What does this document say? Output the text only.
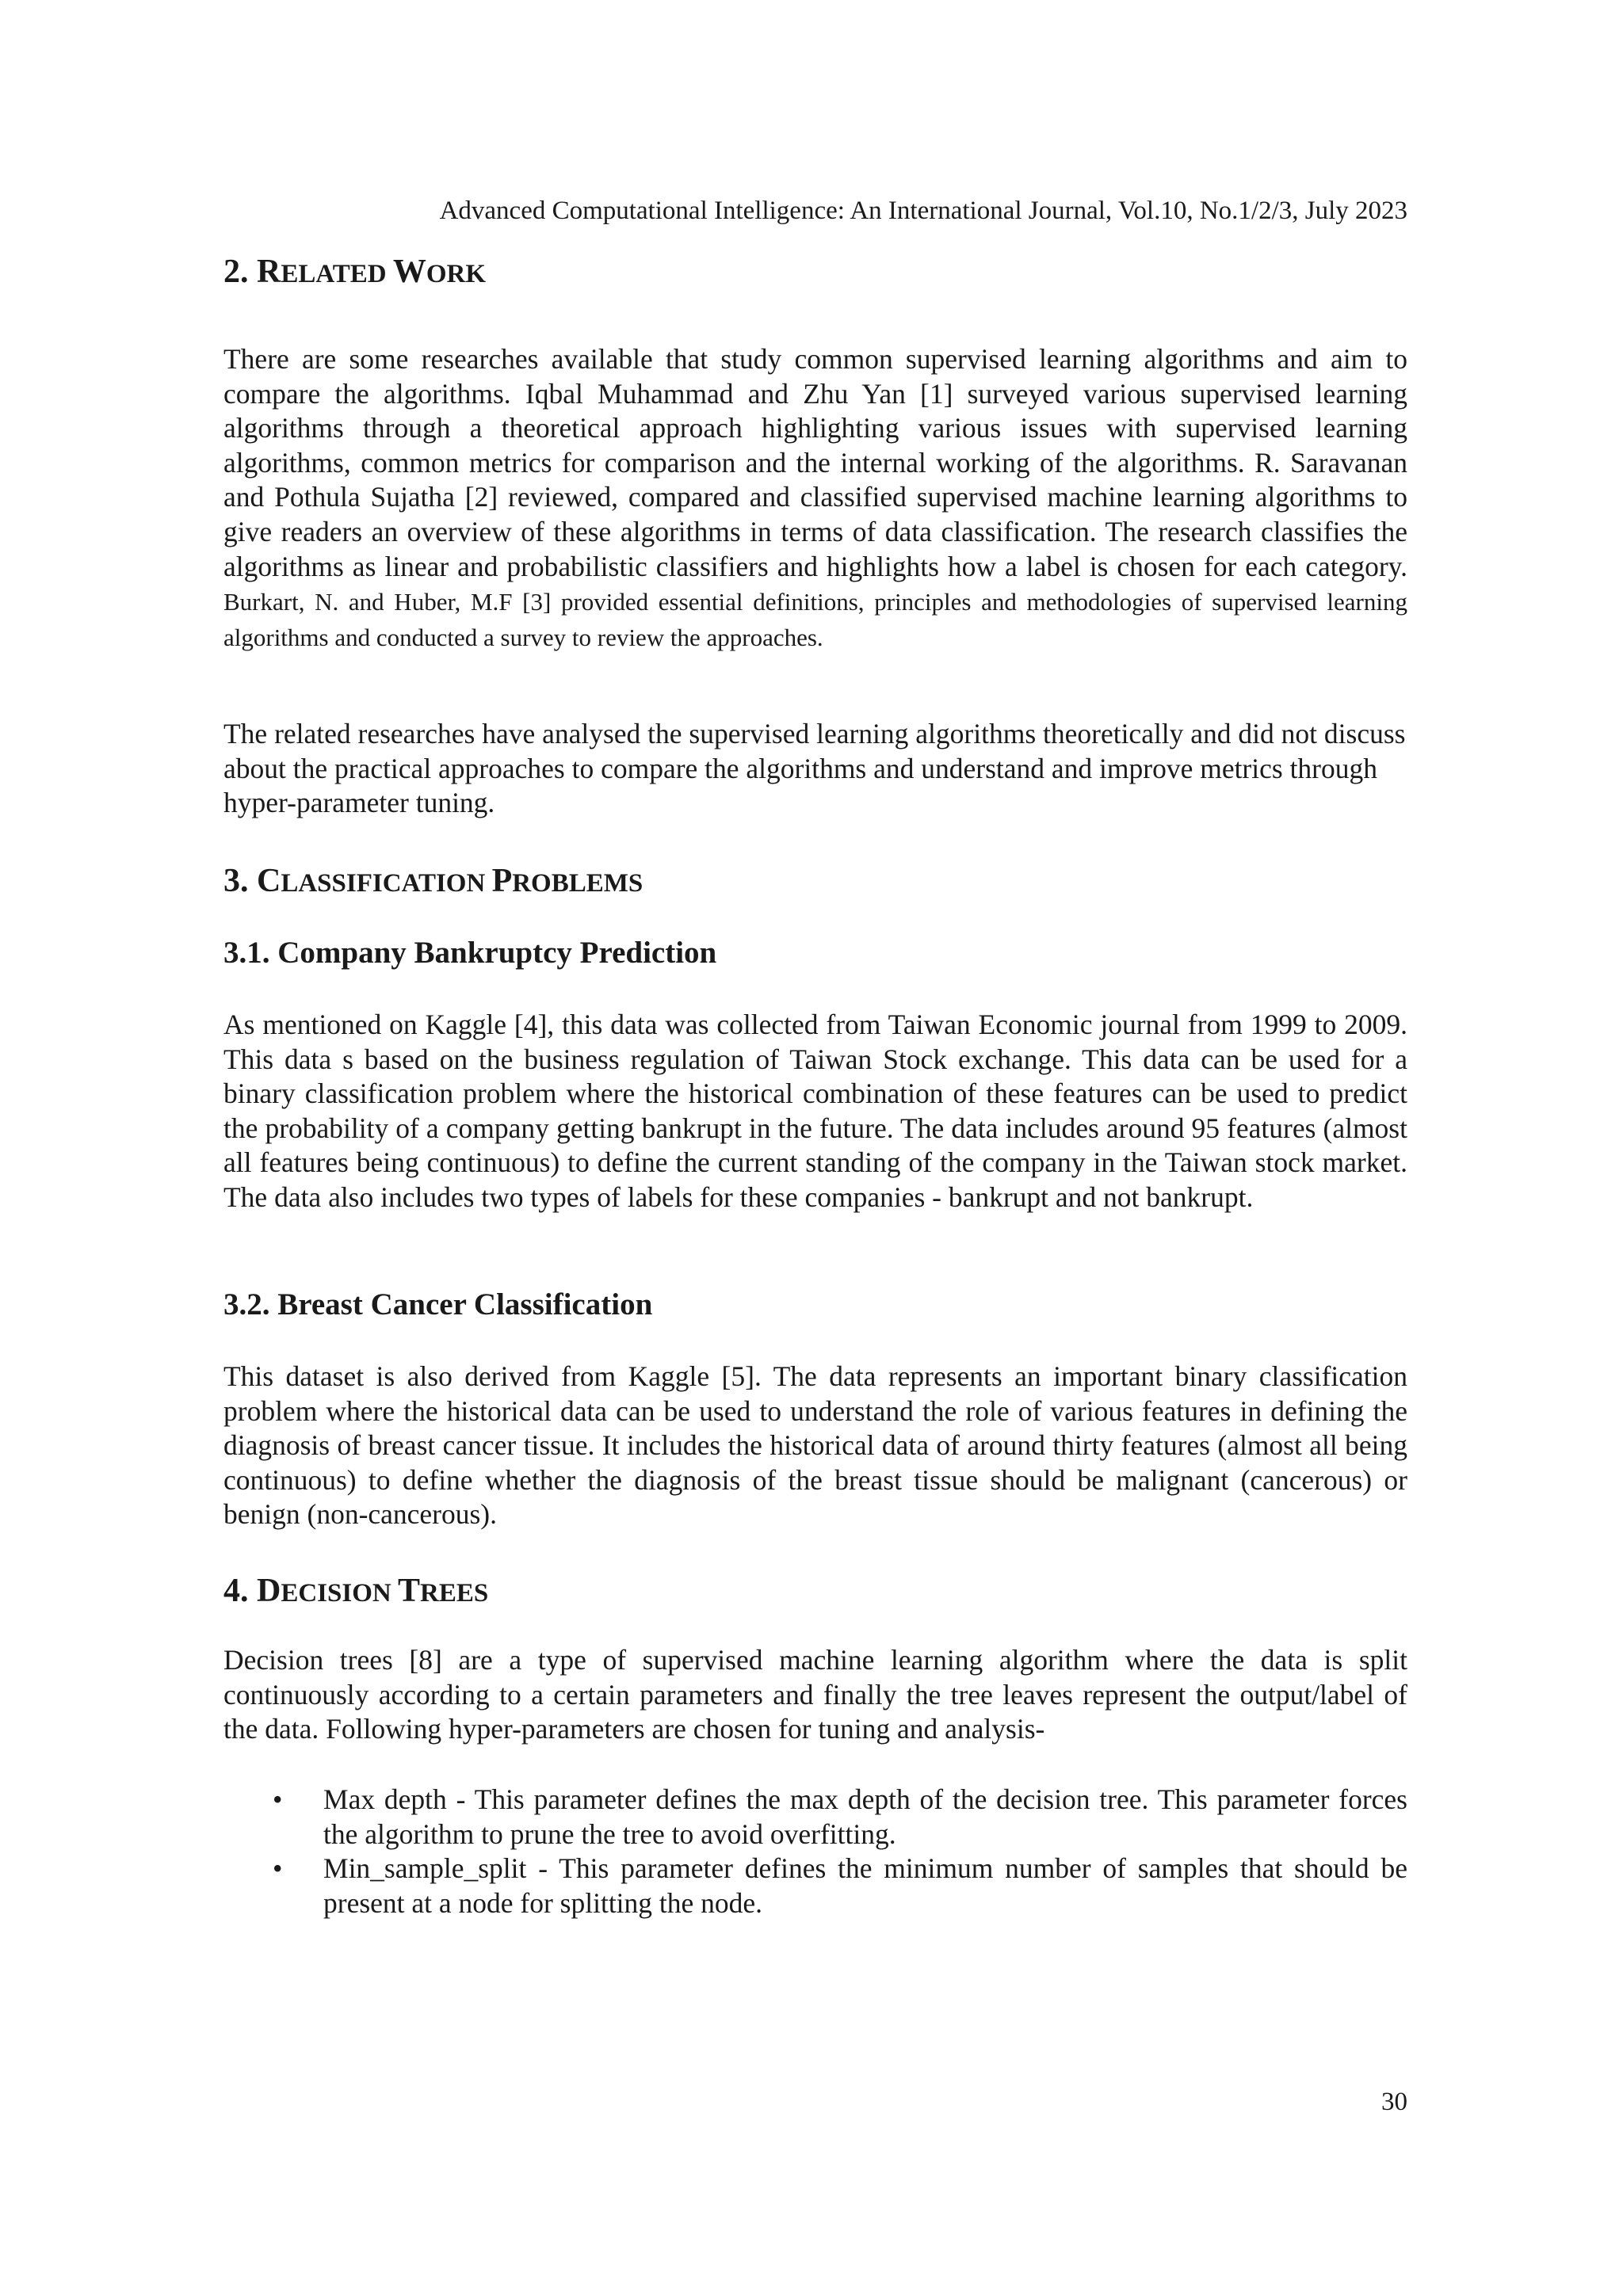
Advanced Computational Intelligence: An International Journal, Vol.10, No.1/2/3, July 2023
2. RELATED WORK

There are some researches available that study common supervised learning algorithms and aim to compare the algorithms. Iqbal Muhammad and Zhu Yan [1] surveyed various supervised learning algorithms through a theoretical approach highlighting various issues with supervised learning algorithms, common metrics for comparison and the internal working of the algorithms. R. Saravanan and Pothula Sujatha [2] reviewed, compared and classified supervised machine learning algorithms to give readers an overview of these algorithms in terms of data classification. The research classifies the algorithms as linear and probabilistic classifiers and highlights how a label is chosen for each category. Burkart, N. and Huber, M.F [3] provided essential definitions, principles and methodologies of supervised learning algorithms and conducted a survey to review the approaches.

The related researches have analysed the supervised learning algorithms theoretically and did not discuss about the practical approaches to compare the algorithms and understand and improve metrics through hyper-parameter tuning.

3. CLASSIFICATION PROBLEMS
3.1. Company Bankruptcy Prediction

As mentioned on Kaggle [4], this data was collected from Taiwan Economic journal from 1999 to 2009. This data s based on the business regulation of Taiwan Stock exchange. This data can be used for a binary classification problem where the historical combination of these features can be used to predict the probability of a company getting bankrupt in the future. The data includes around 95 features (almost all features being continuous) to define the current standing of the company in the Taiwan stock market. The data also includes two types of labels for these companies - bankrupt and not bankrupt.

3.2. Breast Cancer Classification

This dataset is also derived from Kaggle [5]. The data represents an important binary classification problem where the historical data can be used to understand the role of various features in defining the diagnosis of breast cancer tissue. It includes the historical data of around thirty features (almost all being continuous) to define whether the diagnosis of the breast tissue should be malignant (cancerous) or benign (non-cancerous).

4. DECISION TREES

Decision trees [8] are a type of supervised machine learning algorithm where the data is split continuously according to a certain parameters and finally the tree leaves represent the output/label of the data. Following hyper-parameters are chosen for tuning and analysis-

• Max depth - This parameter defines the max depth of the decision tree. This parameter forces the algorithm to prune the tree to avoid overfitting.
• Min_sample_split - This parameter defines the minimum number of samples that should be present at a node for splitting the node.
30
